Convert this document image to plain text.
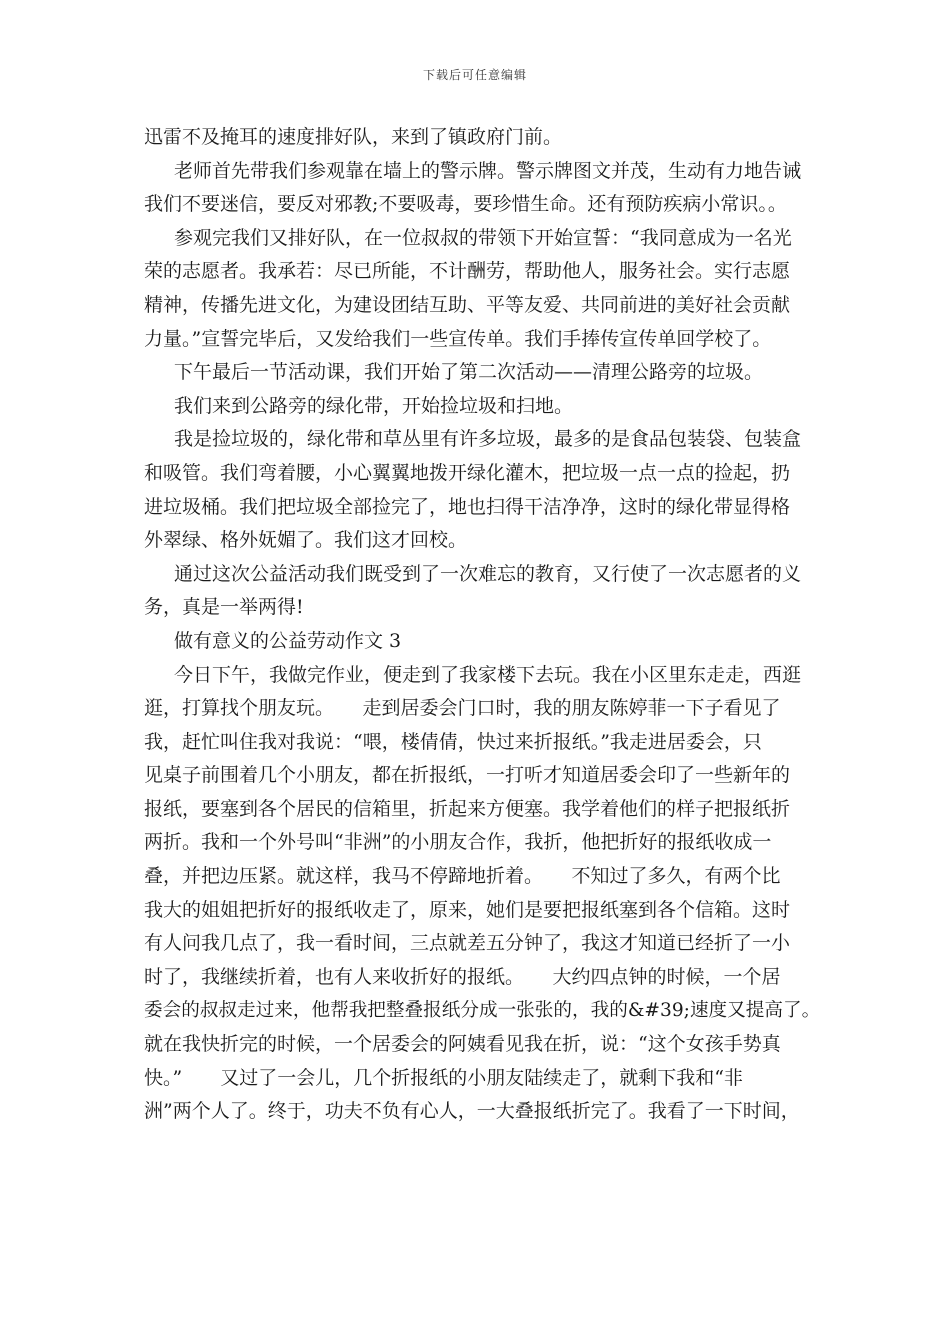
下载后可任意编辑
迅雷不及掩耳的速度排好队，来到了镇政府门前。
老师首先带我们参观靠在墙上的警示牌。警示牌图文并茂，生动有力地告诫
我们不要迷信，要反对邪教;不要吸毒，要珍惜生命。还有预防疾病小常识。。
参观完我们又排好队，在一位叔叔的带领下开始宣誓：“我同意成为一名光
荣的志愿者。我承若：尽已所能，不计酬劳，帮助他人，服务社会。实行志愿
精神，传播先进文化，为建设团结互助、平等友爱、共同前进的美好社会贡献
力量。”宣誓完毕后，又发给我们一些宣传单。我们手捧传宣传单回学校了。
下午最后一节活动课，我们开始了第二次活动——清理公路旁的垃圾。
我们来到公路旁的绿化带，开始捡垃圾和扫地。
我是捡垃圾的，绿化带和草丛里有许多垃圾，最多的是食品包装袋、包装盒
和吸管。我们弯着腰，小心翼翼地拨开绿化灌木，把垃圾一点一点的捡起，扔
进垃圾桶。我们把垃圾全部捡完了，地也扫得干洁净净，这时的绿化带显得格
外翠绿、格外妩媚了。我们这才回校。
通过这次公益活动我们既受到了一次难忘的教育，又行使了一次志愿者的义
务，真是一举两得!
做有意义的公益劳动作文 3
今日下午，我做完作业，便走到了我家楼下去玩。我在小区里东走走，西逛
逛，打算找个朋友玩。　　走到居委会门口时，我的朋友陈婷菲一下子看见了
我，赶忙叫住我对我说：“喂，楼倩倩，快过来折报纸。”我走进居委会，只
见桌子前围着几个小朋友，都在折报纸，一打听才知道居委会印了一些新年的
报纸，要塞到各个居民的信箱里，折起来方便塞。我学着他们的样子把报纸折
两折。我和一个外号叫“非洲”的小朋友合作，我折，他把折好的报纸收成一
叠，并把边压紧。就这样，我马不停蹄地折着。　　不知过了多久，有两个比
我大的姐姐把折好的报纸收走了，原来，她们是要把报纸塞到各个信箱。这时
有人问我几点了，我一看时间，三点就差五分钟了，我这才知道已经折了一小
时了，我继续折着，也有人来收折好的报纸。　　大约四点钟的时候，一个居
委会的叔叔走过来，他帮我把整叠报纸分成一张张的，我的&#39;速度又提高了。
就在我快折完的时候，一个居委会的阿姨看见我在折，说：“这个女孩手势真
快。”　　又过了一会儿，几个折报纸的小朋友陆续走了，就剩下我和“非
洲”两个人了。终于，功夫不负有心人，一大叠报纸折完了。我看了一下时间，
